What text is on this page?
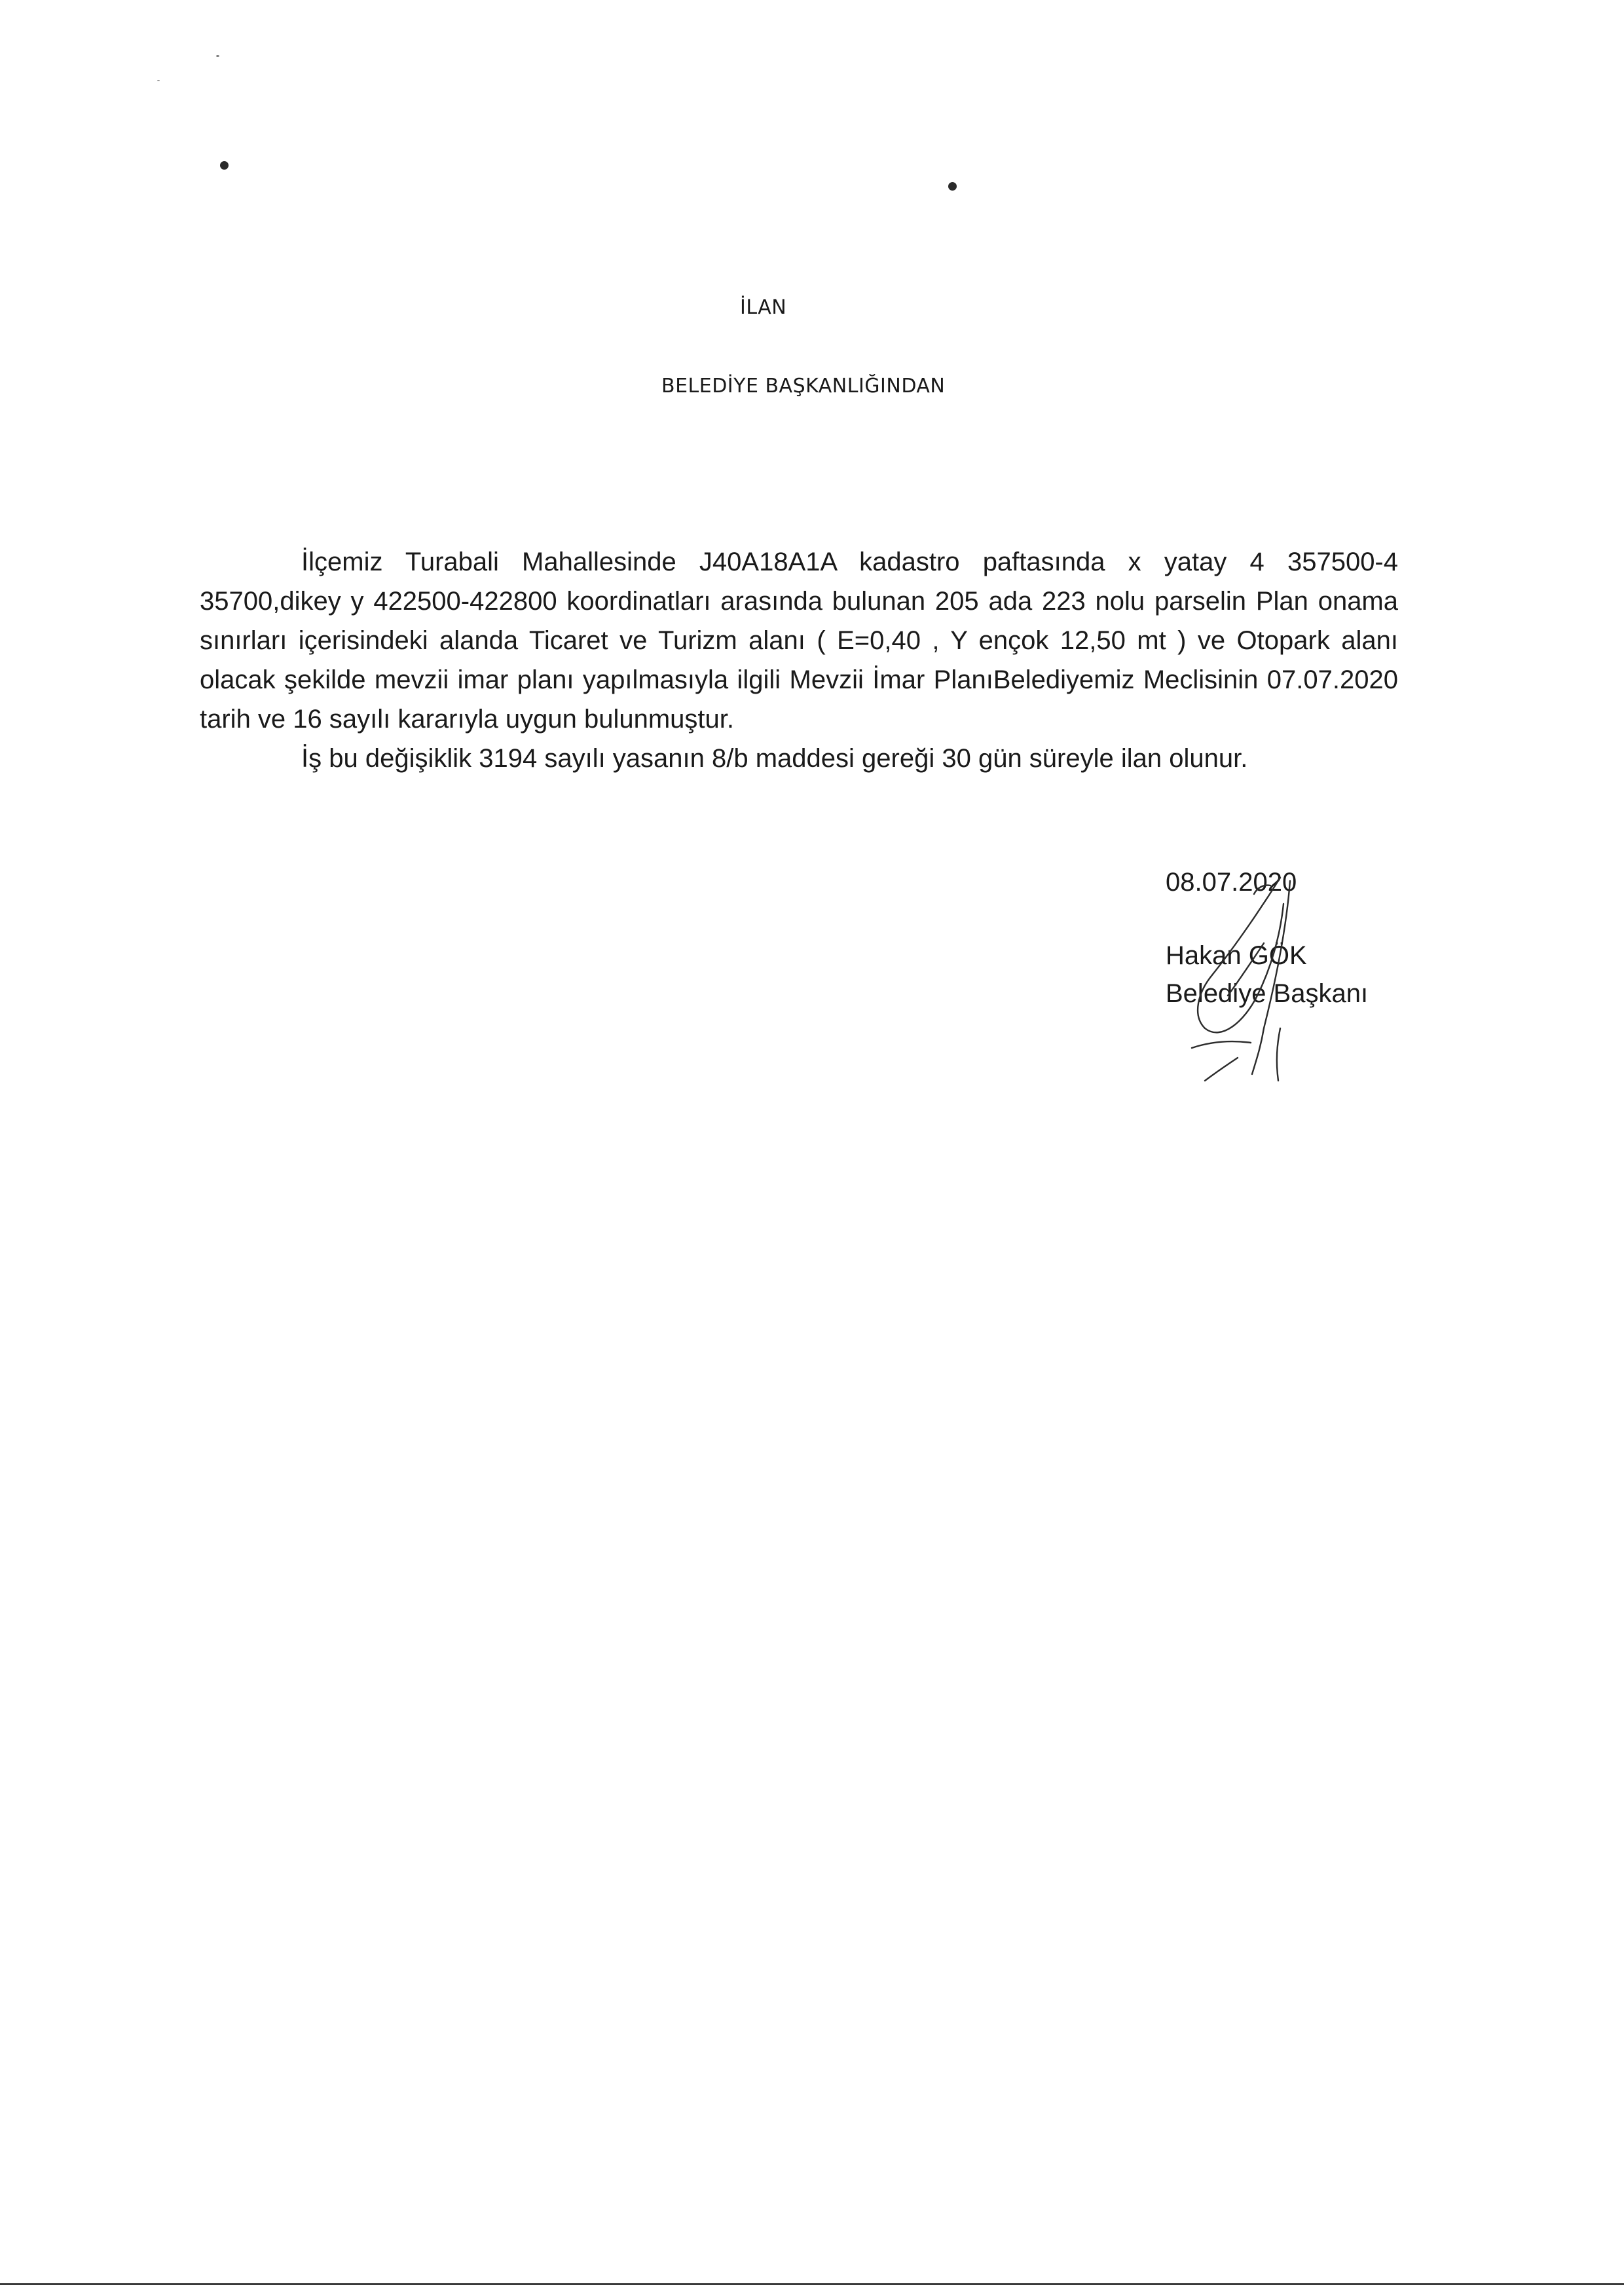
İLAN
BELEDİYE BAŞKANLIĞINDAN

İlçemiz Turabali Mahallesinde J40A18A1A kadastro paftasında x yatay 4 357500-4 35700,dikey y 422500-422800 koordinatları arasında bulunan 205 ada 223 nolu parselin Plan onama sınırları içerisindeki alanda Ticaret ve Turizm alanı ( E=0,40 , Y ençok 12,50 mt ) ve Otopark alanı olacak şekilde mevzii imar planı yapılmasıyla ilgili Mevzii İmar PlanıBelediyemiz Meclisinin 07.07.2020 tarih ve 16 sayılı kararıyla uygun bulunmuştur.

İş bu değişiklik 3194 sayılı yasanın 8/b maddesi gereği 30 gün süreyle ilan olunur.

08.07.2020
Hakan GÖK
Belediye Başkanı
